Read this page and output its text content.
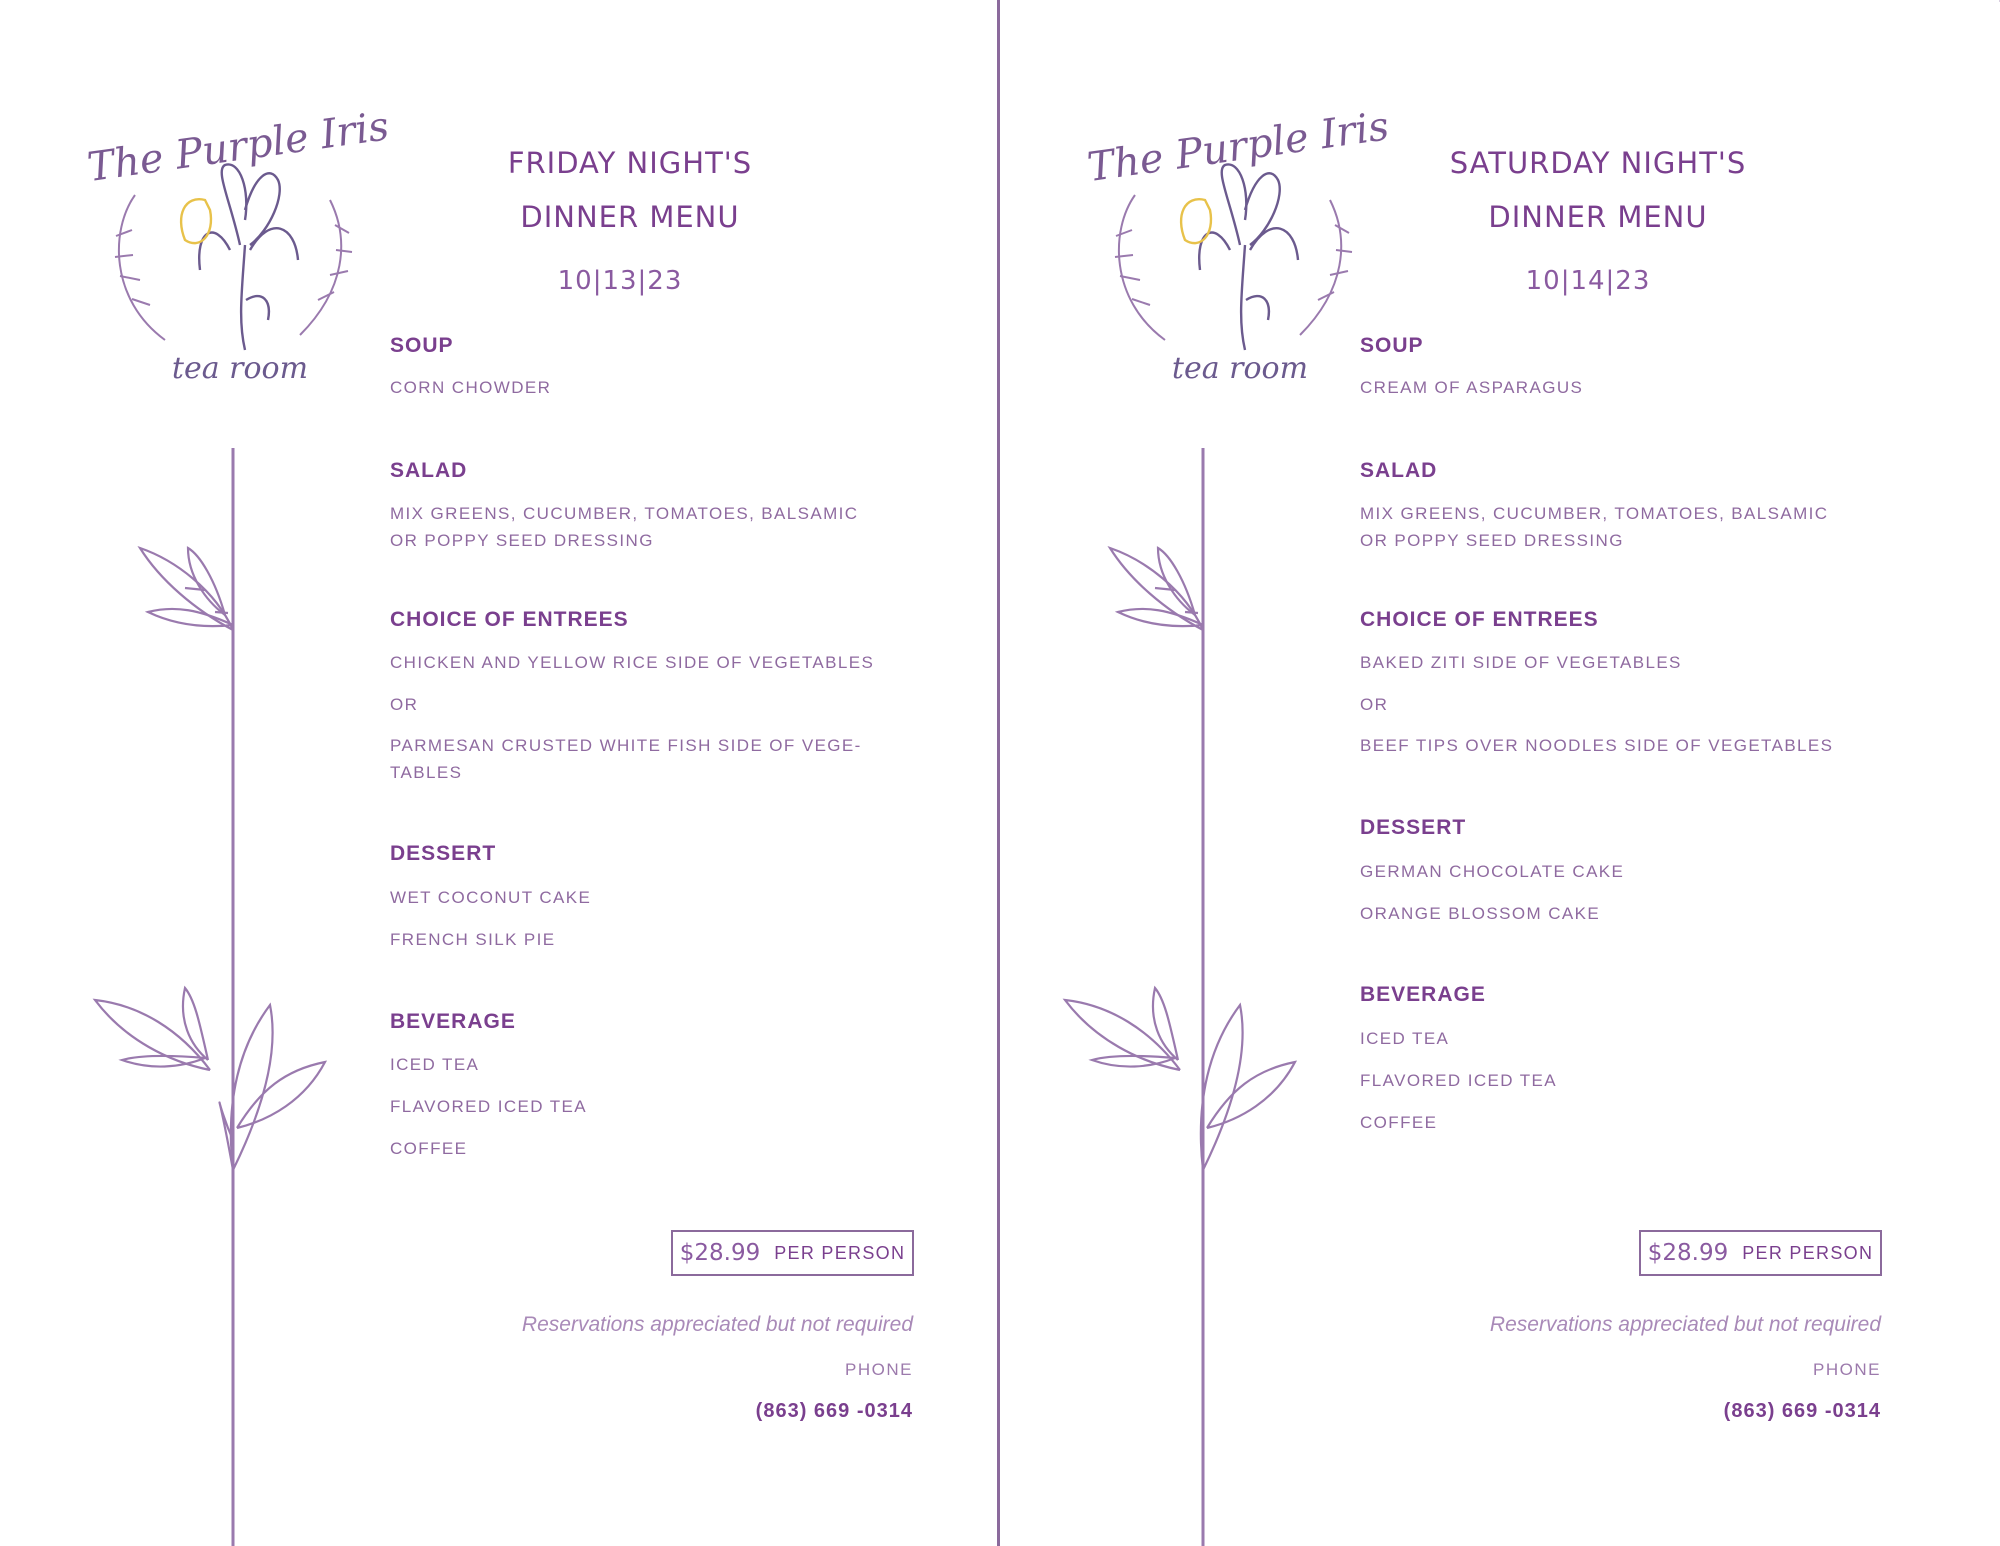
The Purple Iris
tea room
FRIDAY NIGHT'S
DINNER MENU
10|13|23
SOUP
CORN CHOWDER
SALAD
MIX GREENS, CUCUMBER, TOMATOES, BALSAMIC
OR POPPY SEED DRESSING
CHOICE OF ENTREES
CHICKEN AND YELLOW RICE SIDE OF VEGETABLES
OR
PARMESAN CRUSTED WHITE FISH SIDE OF VEGE-
TABLES
DESSERT
WET COCONUT CAKE
FRENCH SILK PIE
BEVERAGE
ICED TEA
FLAVORED ICED TEA
COFFEE
$28.99 PER PERSON
Reservations appreciated but not required
PHONE
(863) 669 -0314
The Purple Iris
tea room
SATURDAY NIGHT'S
DINNER MENU
10|14|23
SOUP
CREAM OF ASPARAGUS
SALAD
MIX GREENS, CUCUMBER, TOMATOES, BALSAMIC
OR POPPY SEED DRESSING
CHOICE OF ENTREES
BAKED ZITI SIDE OF VEGETABLES
OR
BEEF TIPS OVER NOODLES SIDE OF VEGETABLES
DESSERT
GERMAN CHOCOLATE CAKE
ORANGE BLOSSOM CAKE
BEVERAGE
ICED TEA
FLAVORED ICED TEA
COFFEE
$28.99 PER PERSON
Reservations appreciated but not required
PHONE
(863) 669 -0314
